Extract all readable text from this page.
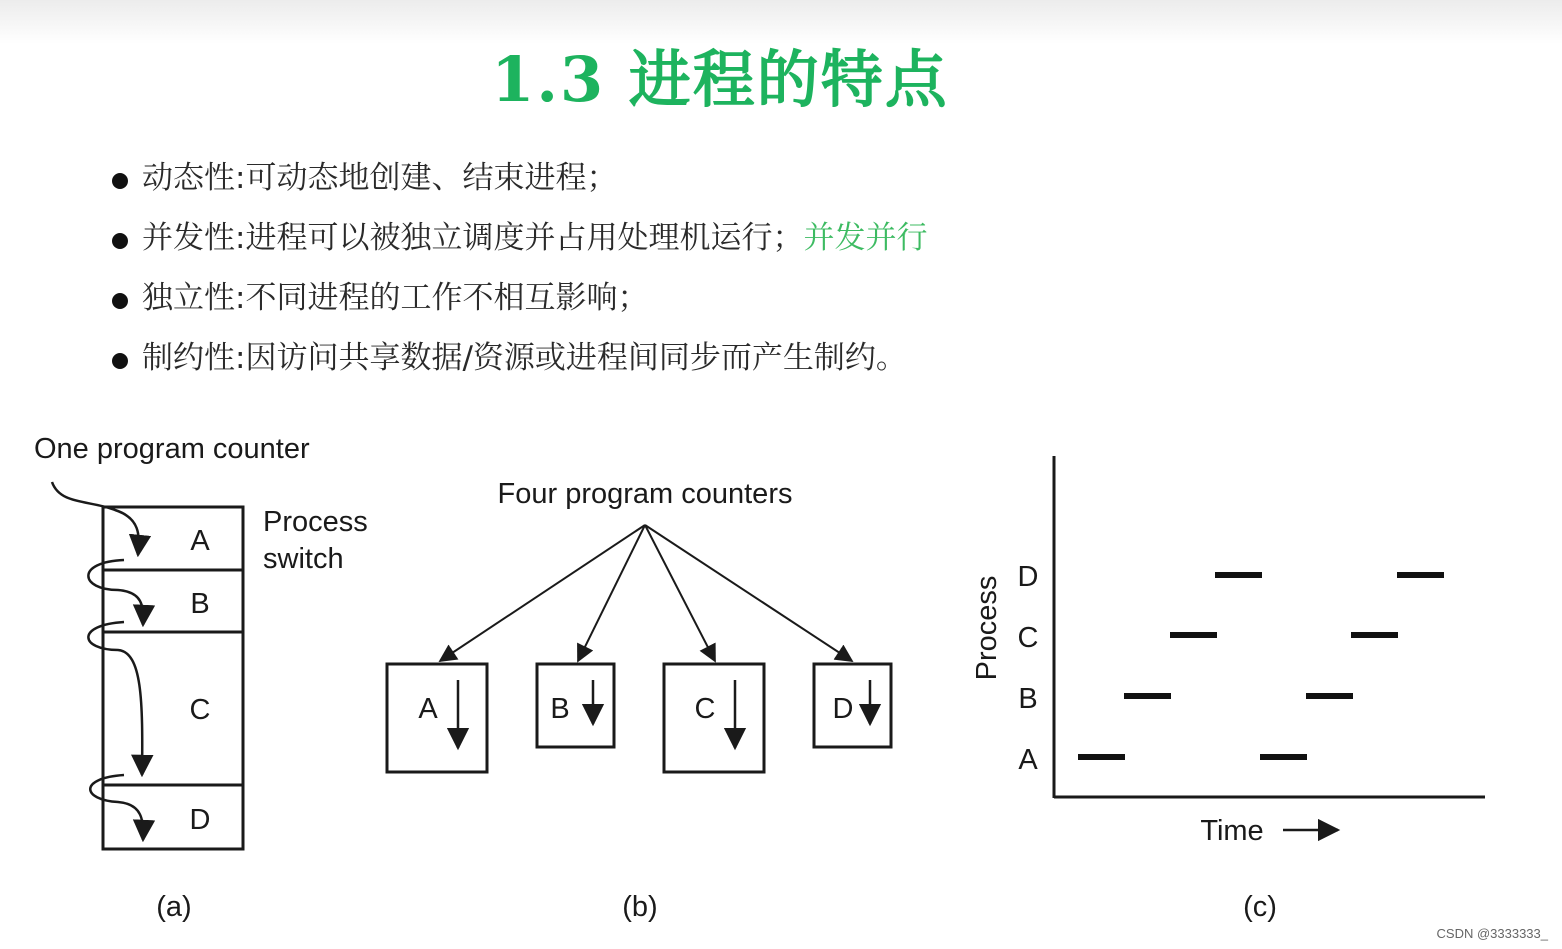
1.3 进程的特点
动态性 : 可动态地创建、结束进程；
并发性 : 进程可以被独立调度并占用处理机运行； 并发并行
独立性 : 不同进程的工作不相互影响；
制约性 : 因访问共享数据/资源或进程间同步而产生制约。
One program counter
Process
switch
A
B
C
D
(a)
Four program counters
A	B	C	D
(b)
Process D
C
B
A
Time
(c)
CSDN @3333333_
